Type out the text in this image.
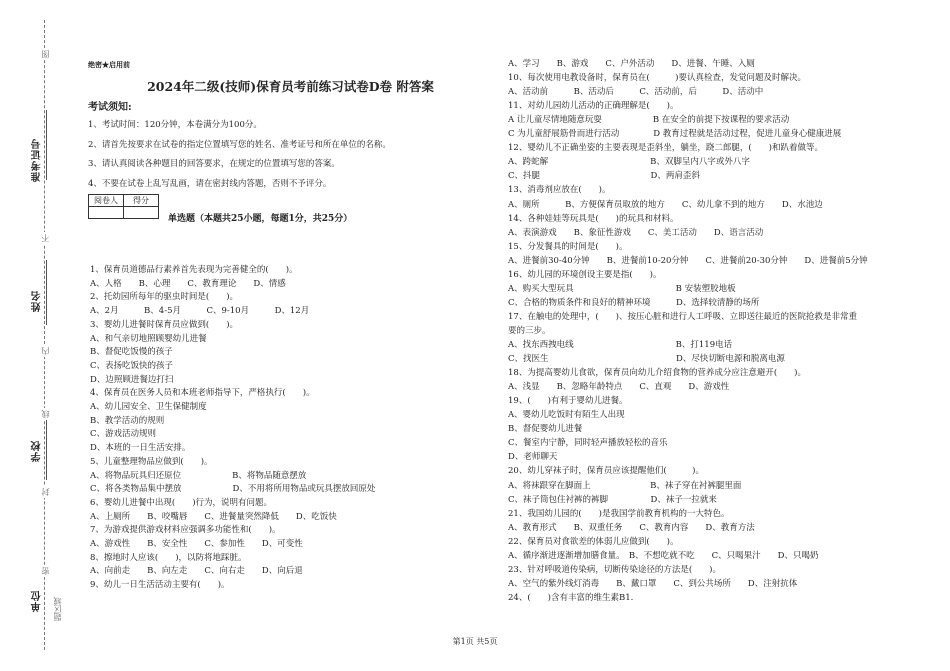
图
准考证号
不
姓名
内
线
学校
封
密
单位 题区域
绝密★启用前
2024年二级(技师)保育员考前练习试卷D卷 附答案
考试须知:
1、考试时间：120分钟，本卷满分为100分。
2、请首先按要求在试卷的指定位置填写您的姓名、准考证号和所在单位的名称。
3、请认真阅读各种题目的回答要求，在规定的位置填写您的答案。
4、不要在试卷上乱写乱画，请在密封线内答题，否则不予评分。
阅卷人	得分

单选题（本题共25小题，每题1分，共25分）
1、保育员道德品行素养首先表现为完善健全的(　　)。
A、人格　　B、心理　　C、教育理论　　D、情感
2、托幼园所每年的驱虫时间是(　　)。
A、2月　　　B、4-5月　　　C、9-10月　　　D、12月
3、婴幼儿进餐时保育员应做到(　　)。
A、和气亲切地照顾婴幼儿进餐
B、督促吃饭慢的孩子
C、表扬吃饭快的孩子
D、边照顾进餐边打扫
4、保育员在医务人员和本班老师指导下，严格执行(　　)。
A、幼儿园安全、卫生保健制度
B、教学活动的规则
C、游戏活动规则
D、本班的一日生活安排。
5、儿童整理物品应做到(　　)。
A、将物品玩具归还原位　　　　　　B、将物品随意摆放
C、将各类物品集中摆放　　　　　　D、不用将所用物品或玩具摆放回原处
6、婴幼儿进餐中出现(　　)行为，说明有问题。
A、上厕所　　B、咬嘴唇　　C、进餐量突然降低　　D、吃饭快
7、为游戏提供游戏材料应强调多功能性和(　　)。
A、游戏性　　B、安全性　　C、参加性　　D、可变性
8、擦地时人应该(　　)，以防将地踩脏。
A、向前走　　B、向左走　　C、向右走　　D、向后退
9、幼儿一日生活活动主要有(　　)。
A、学习　　B、游戏　　C、户外活动　　D、进餐、午睡、入厕
10、每次使用电教设备时，保育员在(　　　)要认真检查，发觉问题及时解决。
A、活动前　　　B、活动后　　　C、活动前，后　　　D、活动中
11、对幼儿园幼儿活动的正确理解是(　　)。
A 让儿童尽情地随意玩耍　　　　　　B 在安全的前提下按课程的要求活动
C 为儿童舒展筋骨而进行活动　　　　D 教育过程就是活动过程，促进儿童身心健康进展
12、婴幼儿不正确坐姿的主要表现是歪斜坐，躺坐，跷二郎腿，(　　)和趴着做等。
A、跨蛇解　　　　　　　　　　　　B、双脚呈内八字或外八字
C、抖腿　　　　　　　　　　　　　D、两肩歪斜
13、消毒剂应放在(　　)。
A、厕所　　　B、方便保育员取放的地方　　C、幼儿拿不到的地方　　D、水池边
14、各种娃娃等玩具是(　　)的玩具和材料。
A、表演游戏　　B、象征性游戏　　C、美工活动　　D、语言活动
15、分发餐具的时间是(　　)。
A、进餐前30-40分钟　　B、进餐前10-20分钟　　C、进餐前20-30分钟　　D、进餐前5分钟
16、幼儿园的环境创设主要是指(　　)。
A、购买大型玩具　　　　　　　　　　　　B 安装塑胶地板
C、合格的物质条件和良好的精神环境　　　D、选择较清静的场所
17、在触电的处理中，(　　)、按压心脏和进行人工呼吸、立即送往最近的医院抢救是非常重
要的三步。
A、找东西拽电线　　　　　　　　　　　　B、打119电话
C、找医生　　　　　　　　　　　　　　　D、尽快切断电源和脱离电源
18、为提高婴幼儿食欲，保育员向幼儿介绍食物的营养成分应注意避开(　　)。
A、浅显　　B、忽略年龄特点　　C、直观　　D、游戏性
19、(　　)有利于婴幼儿进餐。
A、婴幼儿吃饭时有陌生人出现
B、督促婴幼儿进餐
C、餐室内宁静，同时轻声播放轻松的音乐
D、老师聊天
20、幼儿穿袜子时，保育员应该提醒他们(　　　)。
A、将袜跟穿在脚面上　　　　　　　B、袜子穿在衬裤腿里面
C、袜子筒包住衬裤的裤脚　　　　　D、袜子一拉就来
21、我国幼儿园的(　　)是我国学前教育机构的一大特色。
A、教育形式　　B、双重任务　　C、教育内容　　D、教育方法
22、保育员对食欲差的体弱儿应做到(　　)。
A、循序渐进逐渐增加膳食量。　B、不想吃就不吃　　C、只喝果汁　　D、只喝奶
23、针对呼吸道传染病，切断传染途径的方法是(　　)。
A、空气的紫外线灯消毒　　B、戴口罩　　C、到公共场所　　D、注射抗体
24、(　　)含有丰富的维生素B1.
第1页 共5页
